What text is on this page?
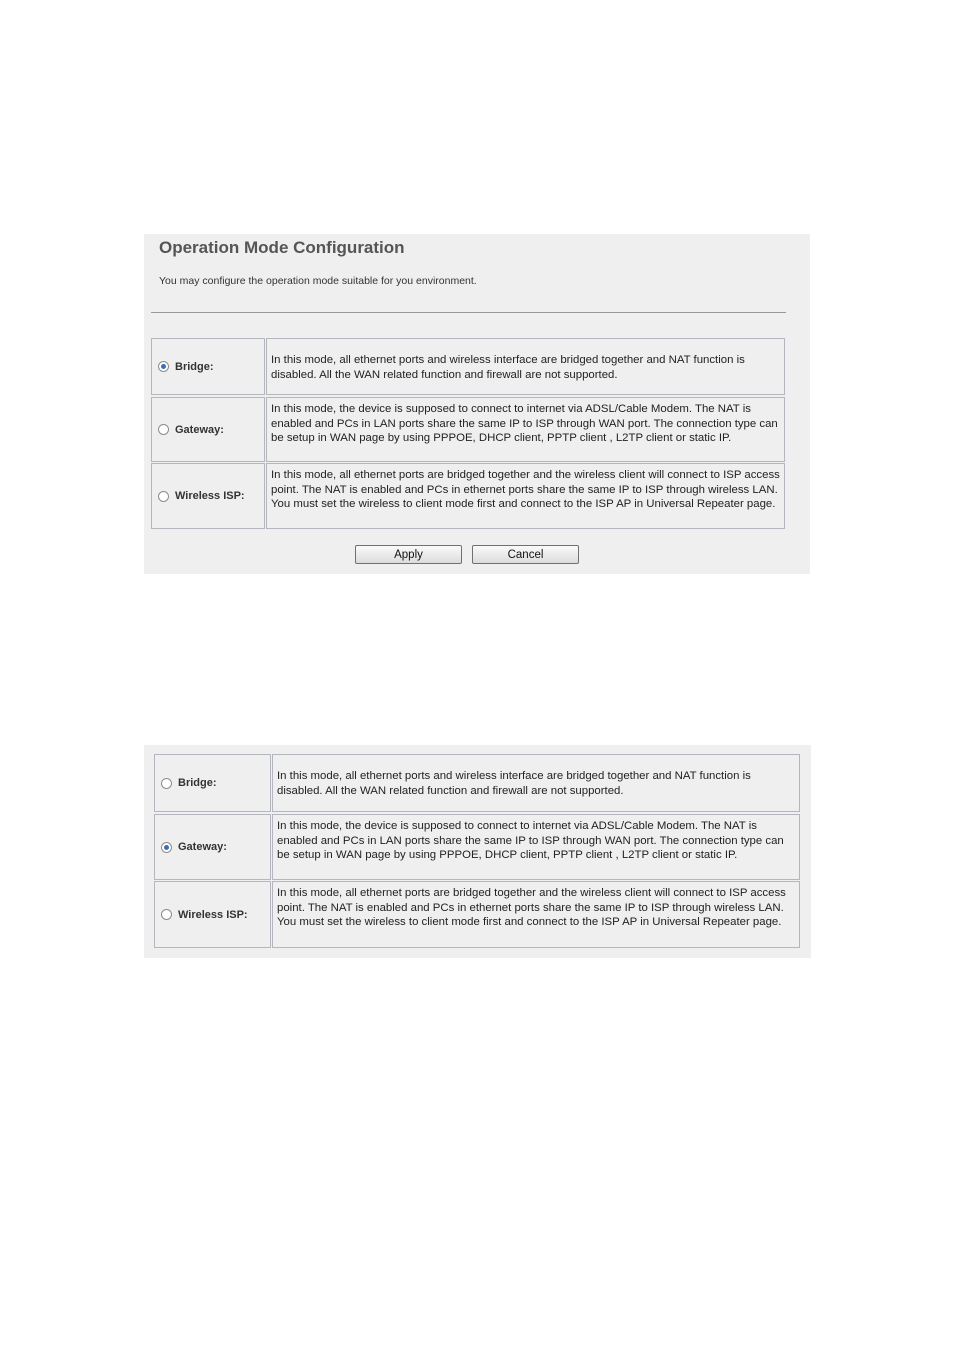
Operation Mode Configuration
You may configure the operation mode suitable for you environment.
Bridge:
In this mode, all ethernet ports and wireless interface are bridged together and NAT function is disabled. All the WAN related function and firewall are not supported.
Gateway:
In this mode, the device is supposed to connect to internet via ADSL/Cable Modem. The NAT is enabled and PCs in LAN ports share the same IP to ISP through WAN port. The connection type can be setup in WAN page by using PPPOE, DHCP client, PPTP client , L2TP client or static IP.
Wireless ISP:
In this mode, all ethernet ports are bridged together and the wireless client will connect to ISP access point. The NAT is enabled and PCs in ethernet ports share the same IP to ISP through wireless LAN. You must set the wireless to client mode first and connect to the ISP AP in Universal Repeater page.
Apply	Cancel
Bridge:
In this mode, all ethernet ports and wireless interface are bridged together and NAT function is disabled. All the WAN related function and firewall are not supported.
Gateway:
In this mode, the device is supposed to connect to internet via ADSL/Cable Modem. The NAT is enabled and PCs in LAN ports share the same IP to ISP through WAN port. The connection type can be setup in WAN page by using PPPOE, DHCP client, PPTP client , L2TP client or static IP.
Wireless ISP:
In this mode, all ethernet ports are bridged together and the wireless client will connect to ISP access point. The NAT is enabled and PCs in ethernet ports share the same IP to ISP through wireless LAN. You must set the wireless to client mode first and connect to the ISP AP in Universal Repeater page.
